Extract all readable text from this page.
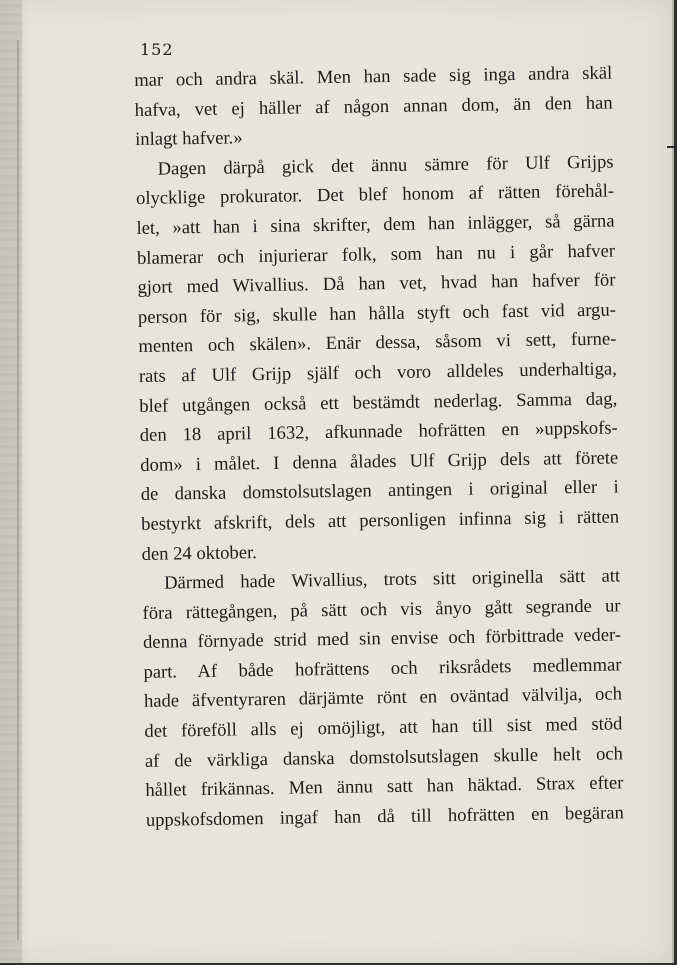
152
mar och andra skäl. Men han sade sig inga andra skäl
hafva, vet ej häller af någon annan dom, än den han
inlagt hafver.»
Dagen därpå gick det ännu sämre för Ulf Grijps
olycklige prokurator. Det blef honom af rätten förehål-
let, »att han i sina skrifter, dem han inlägger, så gärna
blamerar och injurierar folk, som han nu i går hafver
gjort med Wivallius. Då han vet, hvad han hafver för
person för sig, skulle han hålla styft och fast vid argu-
menten och skälen». Enär dessa, såsom vi sett, furne-
rats af Ulf Grijp själf och voro alldeles underhaltiga,
blef utgången också ett bestämdt nederlag. Samma dag,
den 18 april 1632, afkunnade hofrätten en »uppskofs-
dom» i målet. I denna ålades Ulf Grijp dels att förete
de danska domstolsutslagen antingen i original eller i
bestyrkt afskrift, dels att personligen infinna sig i rätten
den 24 oktober.
Därmed hade Wivallius, trots sitt originella sätt att
föra rättegången, på sätt och vis ånyo gått segrande ur
denna förnyade strid med sin envise och förbittrade veder-
part. Af både hofrättens och riksrådets medlemmar
hade äfventyraren därjämte rönt en oväntad välvilja, och
det föreföll alls ej omöjligt, att han till sist med stöd
af de värkliga danska domstolsutslagen skulle helt och
hållet frikännas. Men ännu satt han häktad. Strax efter
uppskofsdomen ingaf han då till hofrätten en begäran
